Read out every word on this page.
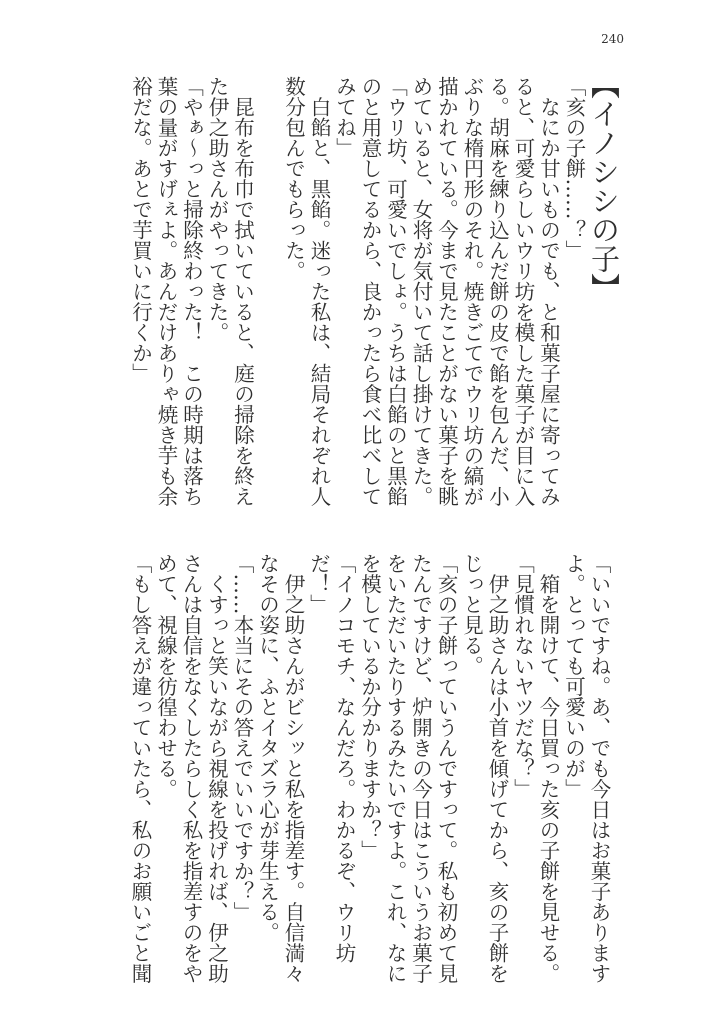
240
【イノシシの子】
「亥の子餅……？」
　なにか甘いものでも、と和菓子屋に寄ってみ
ると、可愛らしいウリ坊を模した菓子が目に入
る。胡麻を練り込んだ餅の皮で餡を包んだ、小
ぶりな楕円形のそれ。焼きごてでウリ坊の縞が
描かれている。今まで見たことがない菓子を眺
めていると、女将が気付いて話し掛けてきた。
「ウリ坊、可愛いでしょ。うちは白餡のと黒餡
のと用意してるから、良かったら食べ比べして
みてね」
　白餡と、黒餡。迷った私は、結局それぞれ人
数分包んでもらった。
　昆布を布巾で拭いていると、庭の掃除を終え
た伊之助さんがやってきた。
「やぁ～っと掃除終わった！　この時期は落ち
葉の量がすげぇよ。あんだけありゃ焼き芋も余
裕だな。あとで芋買いに行くか」
「いいですね。あ、でも今日はお菓子あります
よ。とっても可愛いのが」
　箱を開けて、今日買った亥の子餅を見せる。
「見慣れないヤツだな？」
　伊之助さんは小首を傾げてから、亥の子餅を
じっと見る。
「亥の子餅っていうんですって。私も初めて見
たんですけど、炉開きの今日はこういうお菓子
をいただいたりするみたいですよ。これ、なに
を模しているか分かりますか？」
「イノコモチ、なんだろ。わかるぞ、ウリ坊
だ！」
　伊之助さんがビシッと私を指差す。自信満々
なその姿に、ふとイタズラ心が芽生える。
「……本当にその答えでいいですか？」
　くすっと笑いながら視線を投げれば、伊之助
さんは自信をなくしたらしく私を指差すのをや
めて、視線を彷徨わせる。
「もし答えが違っていたら、私のお願いごと聞
